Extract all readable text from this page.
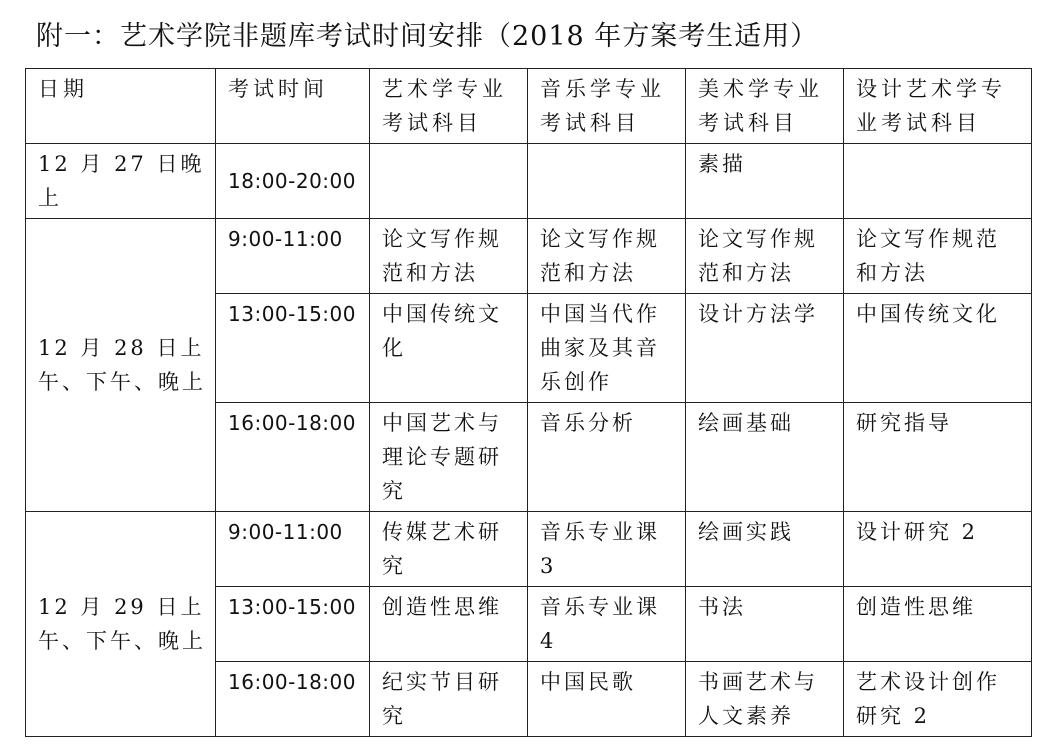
附一：艺术学院非题库考试时间安排（2018 年方案考生适用）
日期	考试时间	艺术学专业考试科目	音乐学专业考试科目	美术学专业考试科目	设计艺术学专业考试科目
12 月 27 日晚上	18:00-20:00			素描	
12 月 28 日上午、下午、晚上	9:00-11:00	论文写作规范和方法	论文写作规范和方法	论文写作规范和方法	论文写作规范和方法
	13:00-15:00	中国传统文化	中国当代作曲家及其音乐创作	设计方法学	中国传统文化
	16:00-18:00	中国艺术与理论专题研究	音乐分析	绘画基础	研究指导
12 月 29 日上午、下午、晚上	9:00-11:00	传媒艺术研究	音乐专业课 3	绘画实践	设计研究 2
	13:00-15:00	创造性思维	音乐专业课 4	书法	创造性思维
	16:00-18:00	纪实节目研究	中国民歌	书画艺术与人文素养	艺术设计创作研究 2
